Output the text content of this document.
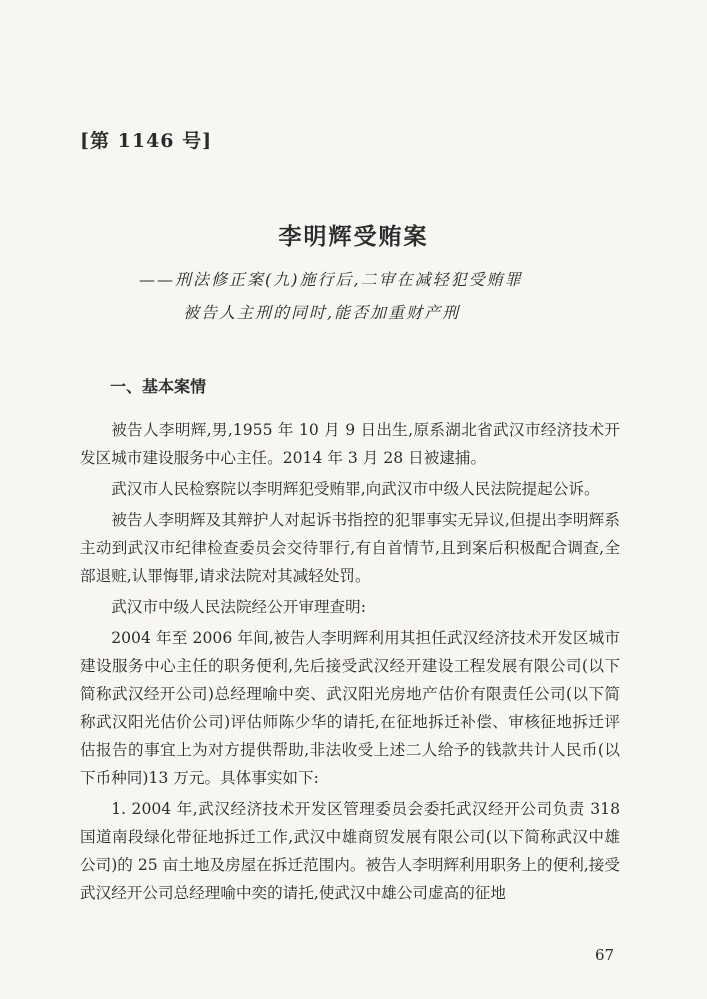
[第 1146 号]
李明辉受贿案
——刑法修正案(九)施行后,二审在减轻犯受贿罪
被告人主刑的同时,能否加重财产刑
一、基本案情

被告人李明辉,男,1955 年 10 月 9 日出生,原系湖北省武汉市经济技术开发区城市建设服务中心主任。2014 年 3 月 28 日被逮捕。

武汉市人民检察院以李明辉犯受贿罪,向武汉市中级人民法院提起公诉。

被告人李明辉及其辩护人对起诉书指控的犯罪事实无异议,但提出李明辉系主动到武汉市纪律检查委员会交待罪行,有自首情节,且到案后积极配合调查,全部退赃,认罪悔罪,请求法院对其减轻处罚。

武汉市中级人民法院经公开审理查明:

2004 年至 2006 年间,被告人李明辉利用其担任武汉经济技术开发区城市建设服务中心主任的职务便利,先后接受武汉经开建设工程发展有限公司(以下简称武汉经开公司)总经理喻中奕、武汉阳光房地产估价有限责任公司(以下简称武汉阳光估价公司)评估师陈少华的请托,在征地拆迁补偿、审核征地拆迁评估报告的事宜上为对方提供帮助,非法收受上述二人给予的钱款共计人民币(以下币种同)13 万元。具体事实如下:

1. 2004 年,武汉经济技术开发区管理委员会委托武汉经开公司负责 318 国道南段绿化带征地拆迁工作,武汉中雄商贸发展有限公司(以下简称武汉中雄公司)的 25 亩土地及房屋在拆迁范围内。被告人李明辉利用职务上的便利,接受武汉经开公司总经理喻中奕的请托,使武汉中雄公司虚高的征地

67
